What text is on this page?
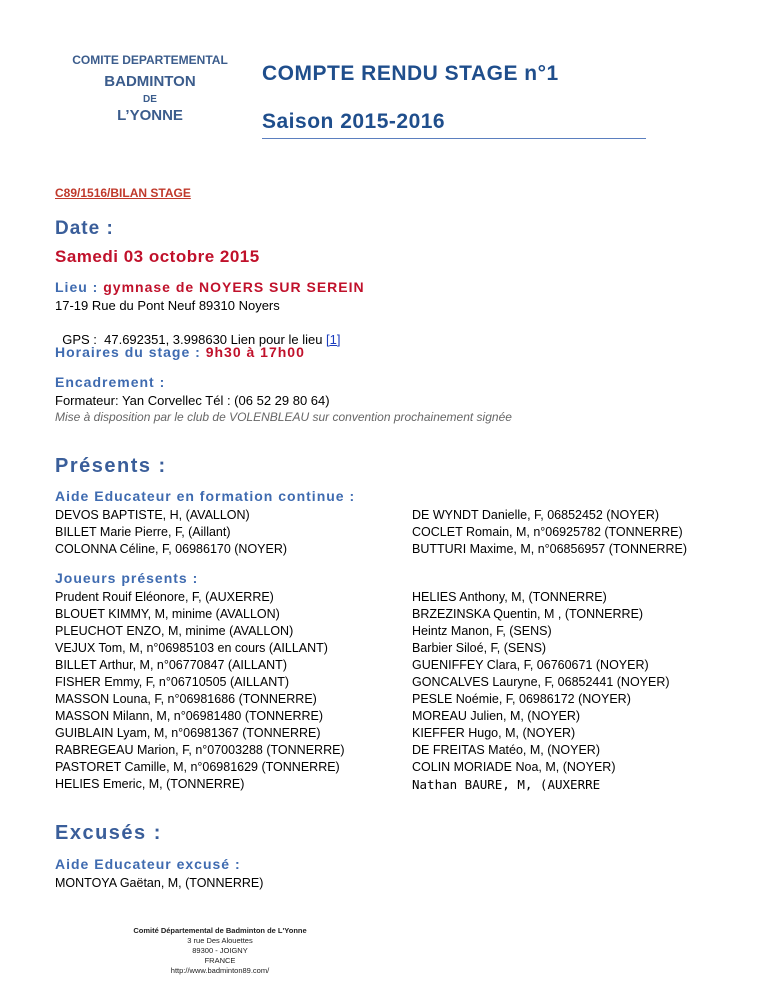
COMITE DEPARTEMENTAL
BADMINTON
DE
L’YONNE
COMPTE RENDU STAGE n°1
Saison 2015-2016
C89/1516/BILAN STAGE
Date :
Samedi 03 octobre 2015
Lieu : gymnase de NOYERS SUR SEREIN
17-19 Rue du Pont Neuf 89310 Noyers

GPS :  47.692351, 3.998630 Lien pour le lieu [1]

Horaires du stage : 9h30 à 17h00
Encadrement :
Formateur: Yan Corvellec Tél : (06 52 29 80 64)
Mise à disposition par le club de VOLENBLEAU sur convention prochainement signée
Présents :
Aide Educateur en formation continue :
DEVOS BAPTISTE, H, (AVALLON)
BILLET Marie Pierre, F, (Aillant)
COLONNA Céline, F, 06986170 (NOYER)
DE WYNDT Danielle, F, 06852452 (NOYER)
COCLET Romain, M, n°06925782 (TONNERRE)
BUTTURI Maxime, M, n°06856957 (TONNERRE)
Joueurs présents :
Prudent Rouif Eléonore, F, (AUXERRE)
BLOUET KIMMY, M, minime (AVALLON)
PLEUCHOT ENZO, M, minime (AVALLON)
VEJUX Tom, M, n°06985103 en cours (AILLANT)
BILLET Arthur, M, n°06770847 (AILLANT)
FISHER Emmy, F, n°06710505 (AILLANT)
MASSON Louna, F, n°06981686 (TONNERRE)
MASSON Milann, M, n°06981480 (TONNERRE)
GUIBLAIN Lyam, M, n°06981367 (TONNERRE)
RABREGEAU Marion, F, n°07003288 (TONNERRE)
PASTORET Camille, M, n°06981629 (TONNERRE)
HELIES Emeric, M, (TONNERRE)
HELIES Anthony, M, (TONNERRE)
BRZEZINSKA Quentin, M , (TONNERRE)
Heintz Manon, F, (SENS)
Barbier Siloé, F, (SENS)
GUENIFFEY Clara, F, 06760671 (NOYER)
GONCALVES Lauryne, F, 06852441 (NOYER)
PESLE Noémie, F, 06986172 (NOYER)
MOREAU Julien, M, (NOYER)
KIEFFER Hugo, M, (NOYER)
DE FREITAS Matéo, M, (NOYER)
COLIN MORIADE Noa, M, (NOYER)
Nathan BAURE, M, (AUXERRE
Excusés :
Aide Educateur excusé :
MONTOYA Gaëtan, M, (TONNERRE)
Comité Départemental de Badminton de L'Yonne
3 rue Des Alouettes
89300 - JOIGNY
FRANCE
http://www.badminton89.com/
